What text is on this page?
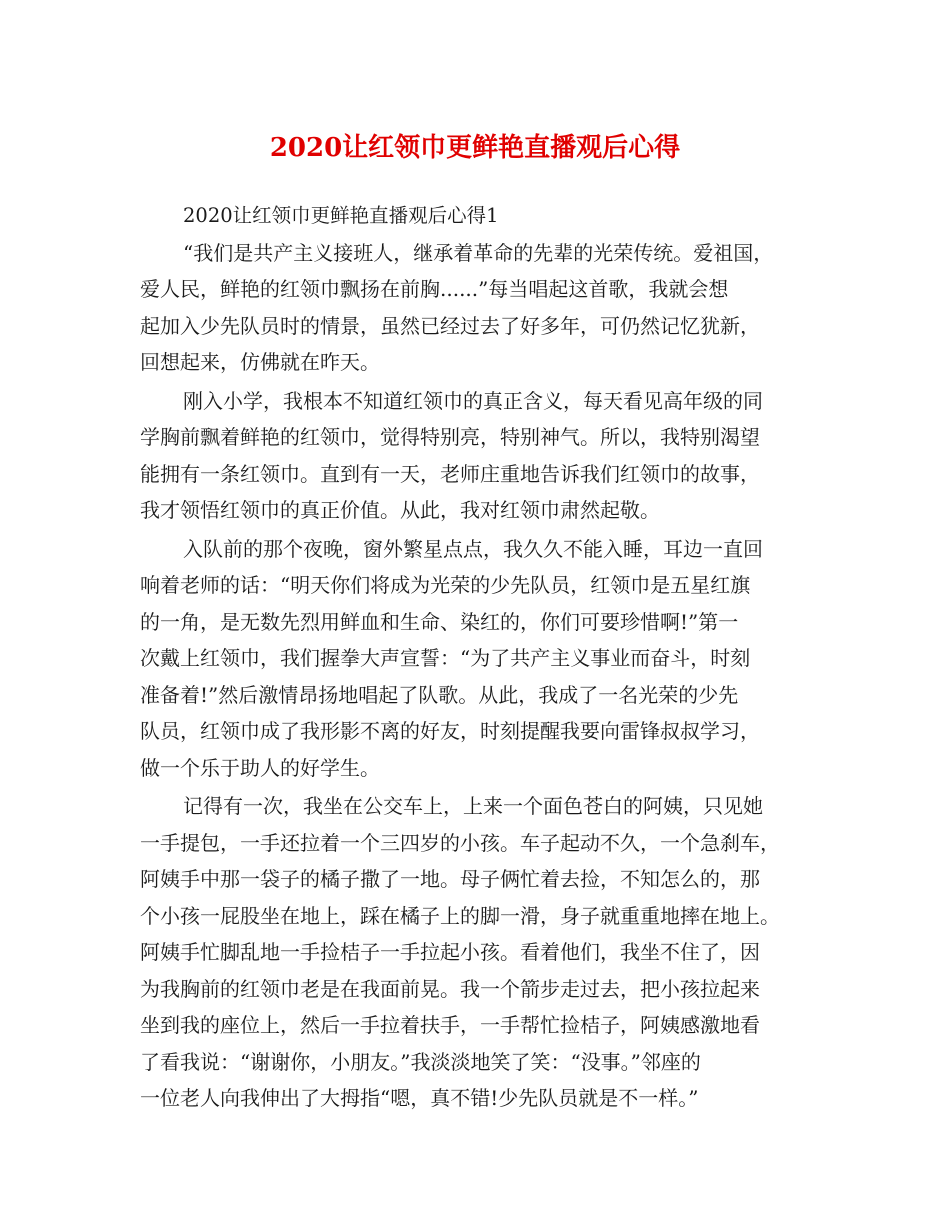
2020让红领巾更鲜艳直播观后心得

2020让红领巾更鲜艳直播观后心得1

“我们是共产主义接班人，继承着革命的先辈的光荣传统。爱祖国，
爱人民，鲜艳的红领巾飘扬在前胸......”每当唱起这首歌，我就会想
起加入少先队员时的情景，虽然已经过去了好多年，可仍然记忆犹新，
回想起来，仿佛就在昨天。

刚入小学，我根本不知道红领巾的真正含义，每天看见高年级的同
学胸前飘着鲜艳的红领巾，觉得特别亮，特别神气。所以，我特别渴望
能拥有一条红领巾。直到有一天，老师庄重地告诉我们红领巾的故事，
我才领悟红领巾的真正价值。从此，我对红领巾肃然起敬。

入队前的那个夜晚，窗外繁星点点，我久久不能入睡，耳边一直回
响着老师的话：“明天你们将成为光荣的少先队员，红领巾是五星红旗
的一角，是无数先烈用鲜血和生命、染红的，你们可要珍惜啊!”第一
次戴上红领巾，我们握拳大声宣誓：“为了共产主义事业而奋斗，时刻
准备着!”然后激情昂扬地唱起了队歌。从此，我成了一名光荣的少先
队员，红领巾成了我形影不离的好友，时刻提醒我要向雷锋叔叔学习，
做一个乐于助人的好学生。

记得有一次，我坐在公交车上，上来一个面色苍白的阿姨，只见她
一手提包，一手还拉着一个三四岁的小孩。车子起动不久，一个急刹车，
阿姨手中那一袋子的橘子撒了一地。母子俩忙着去捡，不知怎么的，那
个小孩一屁股坐在地上，踩在橘子上的脚一滑，身子就重重地摔在地上。
阿姨手忙脚乱地一手捡桔子一手拉起小孩。看着他们，我坐不住了，因
为我胸前的红领巾老是在我面前晃。我一个箭步走过去，把小孩拉起来
坐到我的座位上，然后一手拉着扶手，一手帮忙捡桔子，阿姨感激地看
了看我说：“谢谢你，小朋友。”我淡淡地笑了笑：“没事。”邻座的
一位老人向我伸出了大拇指“嗯，真不错!少先队员就是不一样。”
